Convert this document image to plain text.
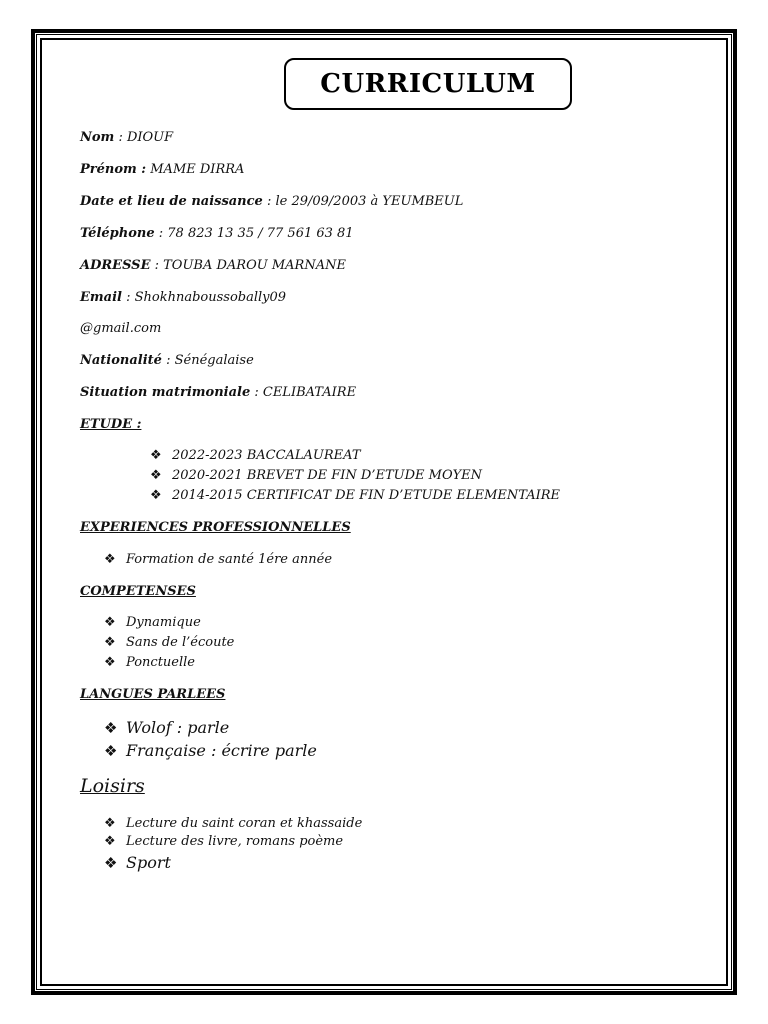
CURRICULUM
Nom : DIOUF
Prénom : MAME DIRRA
Date et lieu de naissance : le 29/09/2003 à YEUMBEUL
Téléphone : 78 823 13 35 / 77 561 63 81
ADRESSE : TOUBA DAROU MARNANE
Email : Shokhnaboussobally09
@gmail.com
Nationalité : Sénégalaise
Situation matrimoniale : CELIBATAIRE
ETUDE :
❖ 2022-2023 BACCALAUREAT
❖ 2020-2021 BREVET DE FIN D’ETUDE MOYEN
❖ 2014-2015 CERTIFICAT DE FIN D’ETUDE ELEMENTAIRE
EXPERIENCES PROFESSIONNELLES
❖ Formation de santé 1ére année
COMPETENSES
❖ Dynamique
❖ Sans de l’écoute
❖ Ponctuelle
LANGUES PARLEES
❖ Wolof : parle
❖ Française : écrire parle
Loisirs
❖ Lecture du saint coran et khassaide
❖ Lecture des livre, romans poème
❖ Sport
